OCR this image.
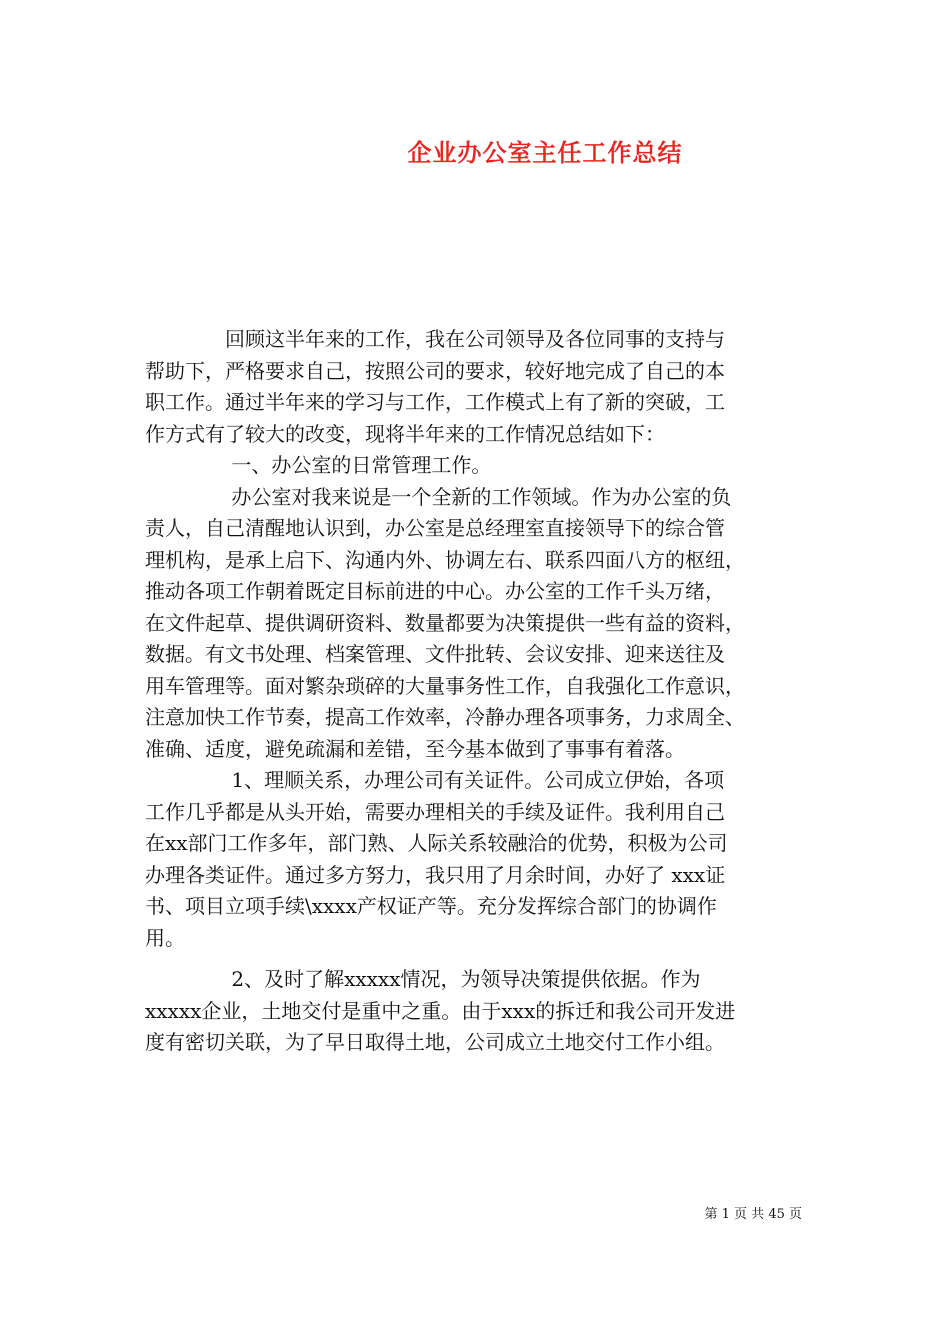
企业办公室主任工作总结

　　　　回顾这半年来的工作，我在公司领导及各位同事的支持与

帮助下，严格要求自己，按照公司的要求，较好地完成了自己的本

职工作。通过半年来的学习与工作，工作模式上有了新的突破，工

作方式有了较大的改变，现将半年来的工作情况总结如下：

　　　　 一、办公室的日常管理工作。

　　　　 办公室对我来说是一个全新的工作领域。作为办公室的负

责人，自己清醒地认识到，办公室是总经理室直接领导下的综合管

理机构，是承上启下、沟通内外、协调左右、联系四面八方的枢纽，

推动各项工作朝着既定目标前进的中心。办公室的工作千头万绪，

在文件起草、提供调研资料、数量都要为决策提供一些有益的资料，

数据。有文书处理、档案管理、文件批转、会议安排、迎来送往及

用车管理等。面对繁杂琐碎的大量事务性工作，自我强化工作意识，

注意加快工作节奏，提高工作效率，冷静办理各项事务，力求周全、

准确、适度，避免疏漏和差错，至今基本做到了事事有着落。

　　　　 1、理顺关系，办理公司有关证件。公司成立伊始，各项

工作几乎都是从头开始，需要办理相关的手续及证件。我利用自己

在xx部门工作多年，部门熟、人际关系较融洽的优势，积极为公司

办理各类证件。通过多方努力，我只用了月余时间，办好了 xxx证

书、项目立项手续\xxxx产权证产等。充分发挥综合部门的协调作

用。

　　　　 2、及时了解xxxxx情况，为领导决策提供依据。作为

xxxxx企业，土地交付是重中之重。由于xxx的拆迁和我公司开发进

度有密切关联，为了早日取得土地，公司成立土地交付工作小组。

第 1 页 共 45 页
